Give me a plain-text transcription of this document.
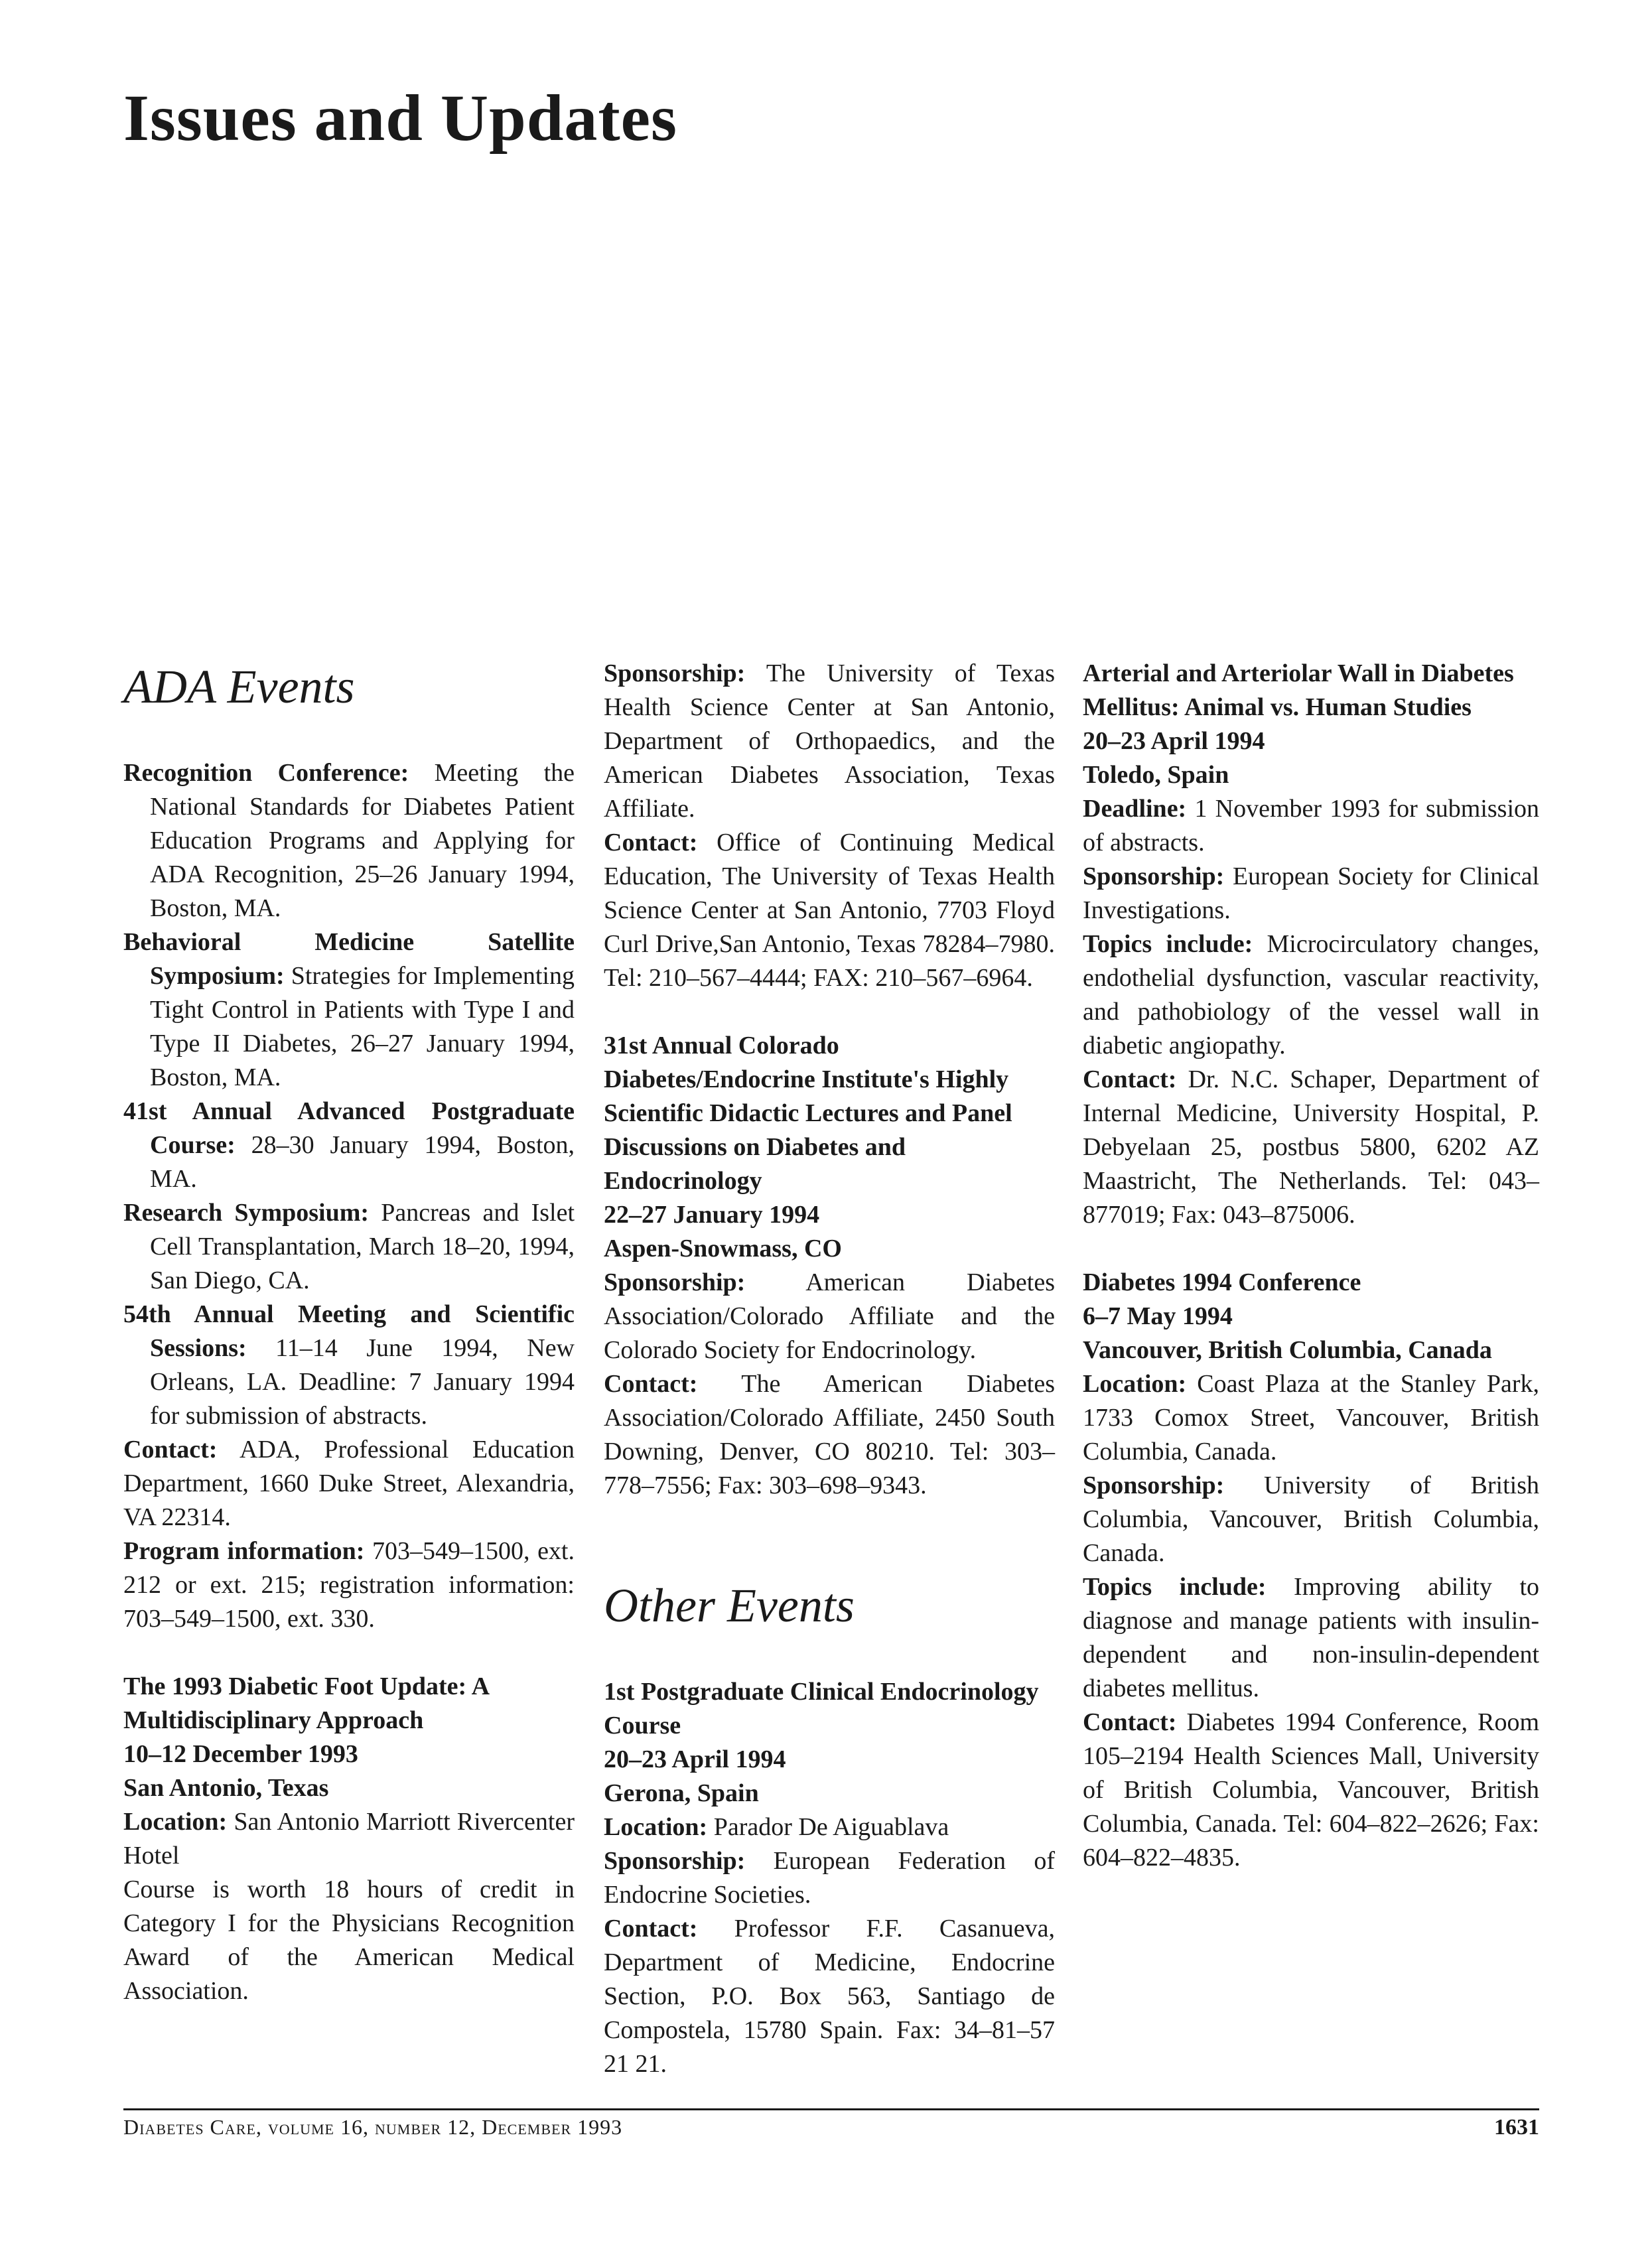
Issues and Updates
ADA Events

Recognition Conference: Meeting the National Standards for Diabetes Patient Education Programs and Applying for ADA Recognition, 25–26 January 1994, Boston, MA.

Behavioral Medicine Satellite Symposium: Strategies for Implementing Tight Control in Patients with Type I and Type II Diabetes, 26–27 January 1994, Boston, MA.

41st Annual Advanced Postgraduate Course: 28–30 January 1994, Boston, MA.

Research Symposium: Pancreas and Islet Cell Transplantation, March 18–20, 1994, San Diego, CA.

54th Annual Meeting and Scientific Sessions: 11–14 June 1994, New Orleans, LA. Deadline: 7 January 1994 for submission of abstracts.

Contact: ADA, Professional Education Department, 1660 Duke Street, Alexandria, VA 22314.

Program information: 703–549–1500, ext. 212 or ext. 215; registration information: 703–549–1500, ext. 330.

The 1993 Diabetic Foot Update: A Multidisciplinary Approach

10–12 December 1993

San Antonio, Texas

Location: San Antonio Marriott Rivercenter Hotel

Course is worth 18 hours of credit in Category I for the Physicians Recognition Award of the American Medical Association.

Sponsorship: The University of Texas Health Science Center at San Antonio, Department of Orthopaedics, and the American Diabetes Association, Texas Affiliate.

Contact: Office of Continuing Medical Education, The University of Texas Health Science Center at San Antonio, 7703 Floyd Curl Drive,San Antonio, Texas 78284–7980. Tel: 210–567–4444; FAX: 210–567–6964.

31st Annual Colorado Diabetes/Endocrine Institute's Highly Scientific Didactic Lectures and Panel Discussions on Diabetes and Endocrinology

22–27 January 1994

Aspen-Snowmass, CO

Sponsorship: American Diabetes Association/Colorado Affiliate and the Colorado Society for Endocrinology.

Contact: The American Diabetes Association/Colorado Affiliate, 2450 South Downing, Denver, CO 80210. Tel: 303–778–7556; Fax: 303–698–9343.

Other Events

1st Postgraduate Clinical Endocrinology Course

20–23 April 1994

Gerona, Spain

Location: Parador De Aiguablava

Sponsorship: European Federation of Endocrine Societies.

Contact: Professor F.F. Casanueva, Department of Medicine, Endocrine Section, P.O. Box 563, Santiago de Compostela, 15780 Spain. Fax: 34–81–57 21 21.

Arterial and Arteriolar Wall in Diabetes Mellitus: Animal vs. Human Studies

20–23 April 1994

Toledo, Spain

Deadline: 1 November 1993 for submission of abstracts.

Sponsorship: European Society for Clinical Investigations.

Topics include: Microcirculatory changes, endothelial dysfunction, vascular reactivity, and pathobiology of the vessel wall in diabetic angiopathy.

Contact: Dr. N.C. Schaper, Department of Internal Medicine, University Hospital, P. Debyelaan 25, postbus 5800, 6202 AZ Maastricht, The Netherlands. Tel: 043–877019; Fax: 043–875006.

Diabetes 1994 Conference

6–7 May 1994

Vancouver, British Columbia, Canada

Location: Coast Plaza at the Stanley Park, 1733 Comox Street, Vancouver, British Columbia, Canada.

Sponsorship: University of British Columbia, Vancouver, British Columbia, Canada.

Topics include: Improving ability to diagnose and manage patients with insulin-dependent and non-insulin-dependent diabetes mellitus.

Contact: Diabetes 1994 Conference, Room 105–2194 Health Sciences Mall, University of British Columbia, Vancouver, British Columbia, Canada. Tel: 604–822–2626; Fax: 604–822–4835.

Diabetes Care, volume 16, number 12, December 1993	1631
